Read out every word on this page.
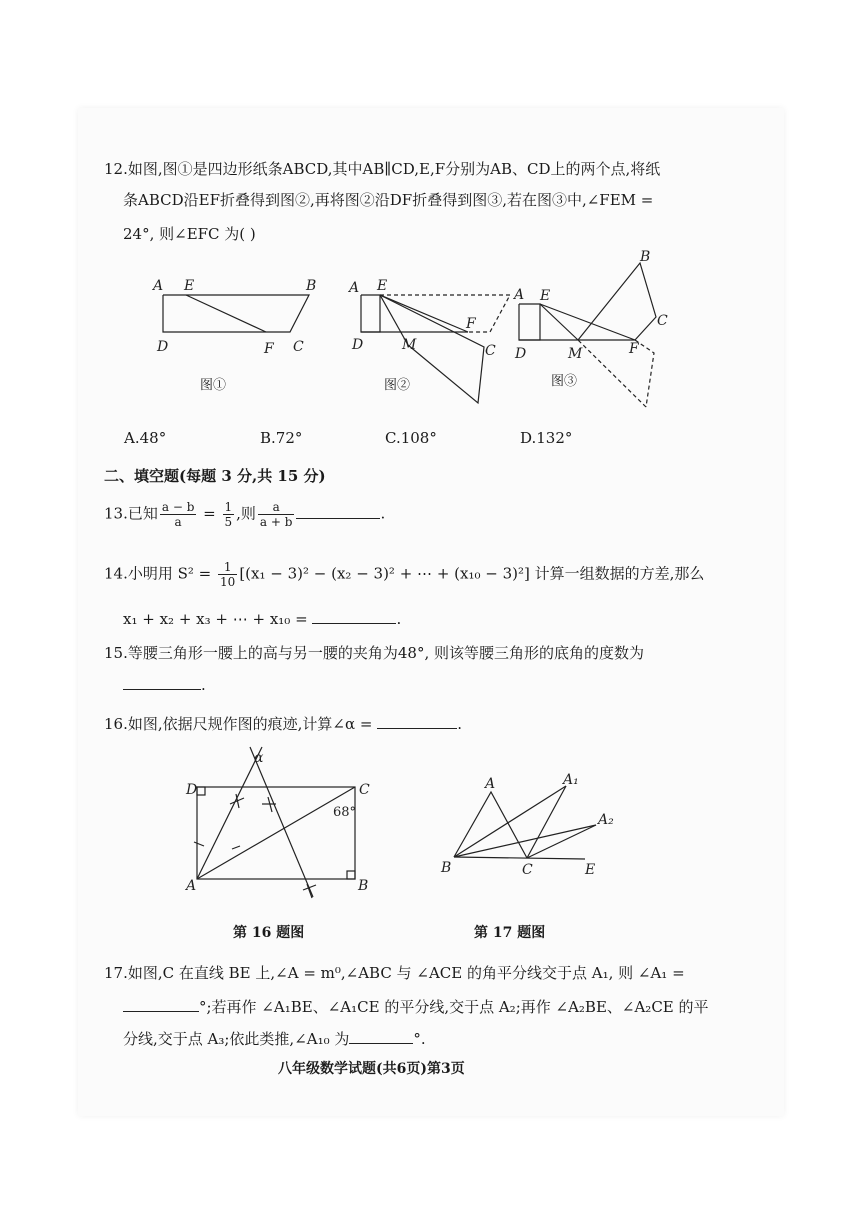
12.如图,图①是四边形纸条ABCD,其中AB∥CD,E,F分别为AB、CD上的两个点,将纸
条ABCD沿EF折叠得到图②,再将图②沿DF折叠得到图③,若在图③中,∠FEM =
24°, 则∠EFC 为( )
A E	B
D	F C
A E
A
D	M
F
C
B
E
C
D	M	F
图①	图②	图③
A.48°	B.72°	C.108°	D.132°
二、填空题(每题 3 分,共 15 分)
13.已知 $\frac{a - b}{a} = \frac{1}{5}$ ,则 $\frac{a}{a + b}$	.
14.小明用 $S^2 = \frac{1}{10} [(x_1 - 3)^2 - (x_2 - 3)^2$ + ⋯ + (x₁₀ − 3)²] 计算一组数据的方差,那么
x₁ + x₂ + x₃ + ⋯ + x₁₀ =	.
15.等腰三角形一腰上的高与另一腰的夹角为48°, 则该等腰三角形的底角的度数为
.
16.如图,依据尺规作图的痕迹,计算∠α =	.
α
D	C
A	B
A	A₁
A₂
B	C	E
68°
第 16 题图	第 17 题图
17.如图,C 在直线 BE 上,∠A = m⁰,∠ABC 与 ∠ACE 的角平分线交于点 A₁, 则 ∠A₁ =
°;若再作 ∠A₁BE、∠A₁CE 的平分线,交于点 A₂;再作 ∠A₂BE、∠A₂CE 的平
分线,交于点 A₃;依此类推,∠A₁₀ 为	°.
八年级数学试题(共6页)第3页
